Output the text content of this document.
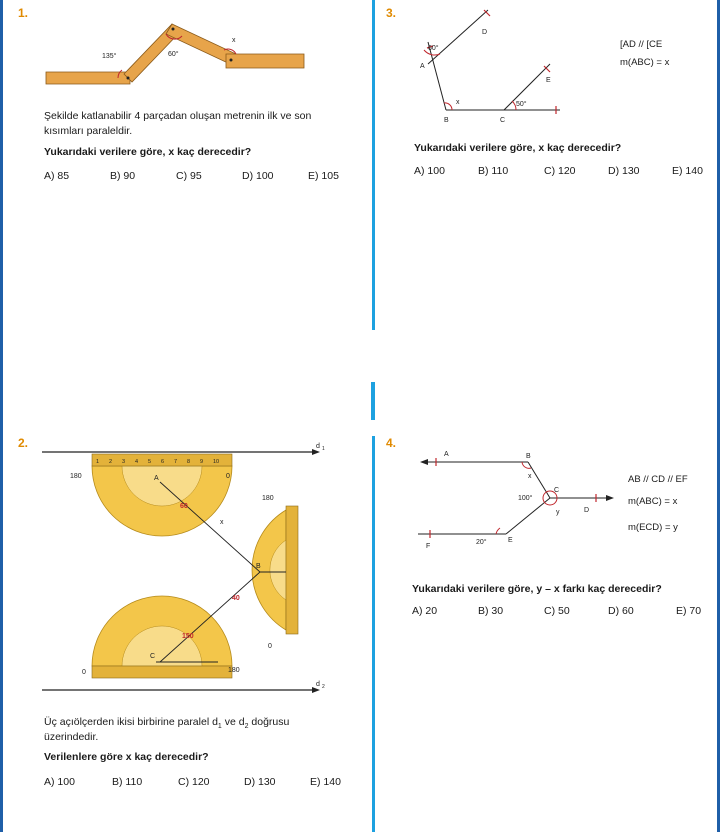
1.
135°	60°
x
Şekilde katlanabilir 4 parçadan oluşan metrenin ilk ve son
kısımları paraleldir.
Yukarıdaki verilere göre, x kaç derecedir?
A) 85	B) 90	C) 95	D) 100	E) 105
3.
60°
50°
A
B	C
D
E
x
[AD // [CE
m(ABC) = x
Yukarıdaki verilere göre, x kaç derecedir?
A) 100	B) 110	C) 120	D) 130	E) 140
2.	d 1
1 2 3 4 5 6 7 8 9 10
180	0
180
0
0	180
d 2
A
B
C
x
60
40
150
Üç açıölçerden ikisi birbirine paralel $d_1$ ve $d_2$ doğrusu
üzerindedir.
Verilenlere göre x kaç derecedir?
A) 100	B) 110	C) 120	D) 130	E) 140
4.
A	B
C
D
E
F
x
y
100°
20°
AB // CD // EF
m(ABC) = x
m(ECD) = y
Yukarıdaki verilere göre, y – x farkı kaç derecedir?
A) 20	B) 30	C) 50	D) 60	E) 70
